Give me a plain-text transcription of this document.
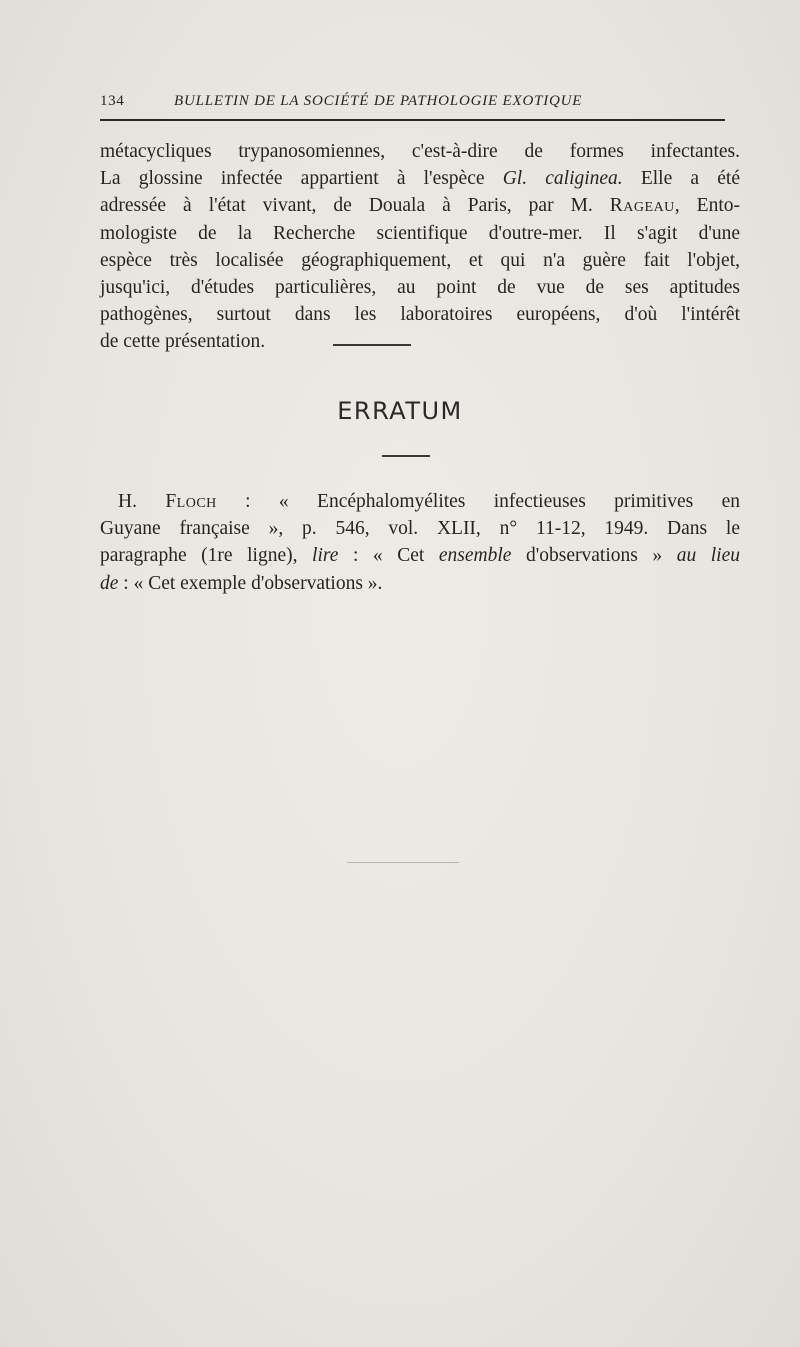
134	BULLETIN DE LA SOCIÉTÉ DE PATHOLOGIE EXOTIQUE
métacycliques trypanosomiennes, c'est-à-dire de formes infectantes.
La glossine infectée appartient à l'espèce Gl. caliginea. Elle a été
adressée à l'état vivant, de Douala à Paris, par M. Rageau, Ento-
mologiste de la Recherche scientifique d'outre-mer. Il s'agit d'une
espèce très localisée géographiquement, et qui n'a guère fait l'objet,
jusqu'ici, d'études particulières, au point de vue de ses aptitudes
pathogènes, surtout dans les laboratoires européens, d'où l'intérêt
de cette présentation.
ERRATUM
H. Floch : « Encéphalomyélites infectieuses primitives en
Guyane française », p. 546, vol. XLII, n° 11-12, 1949. Dans le
paragraphe (1re ligne), lire : « Cet ensemble d'observations » au lieu
de : « Cet exemple d'observations ».
